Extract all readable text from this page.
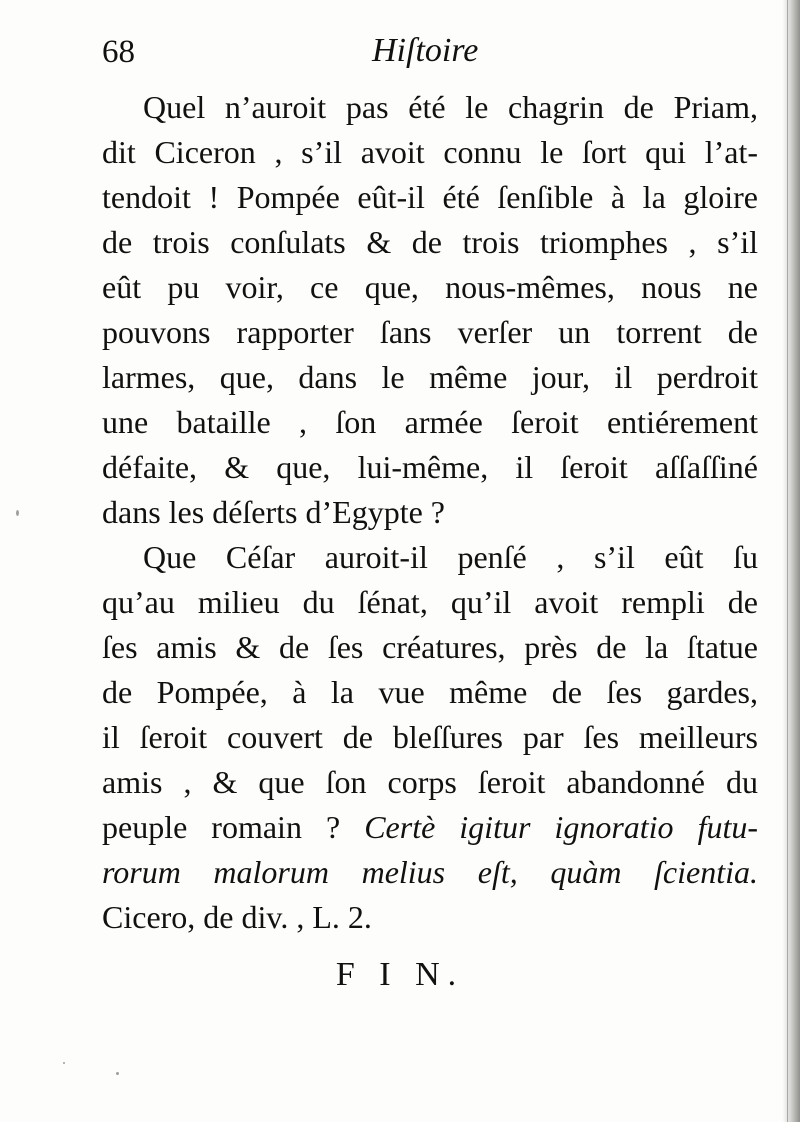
68	Hiſtoire
Quel n’auroit pas été le chagrin de Priam,
dit Ciceron , s’il avoit connu le ſort qui l’at-
tendoit ! Pompée eût-il été ſenſible à la gloire
de trois conſulats & de trois triomphes , s’il
eût pu voir, ce que, nous-mêmes, nous ne
pouvons rapporter ſans verſer un torrent de
larmes, que, dans le même jour, il perdroit
une bataille , ſon armée ſeroit entiérement
défaite, & que, lui-même, il ſeroit aſſaſſiné
dans les déſerts d’Egypte ?
Que Céſar auroit-il penſé , s’il eût ſu
qu’au milieu du ſénat, qu’il avoit rempli de
ſes amis & de ſes créatures, près de la ſtatue
de Pompée, à la vue même de ſes gardes,
il ſeroit couvert de bleſſures par ſes meilleurs
amis , & que ſon corps ſeroit abandonné du
peuple romain ? Certè igitur ignoratio futu-
rorum malorum melius eſt, quàm ſcientia.
Cicero, de div. , L. 2.
F I N.
